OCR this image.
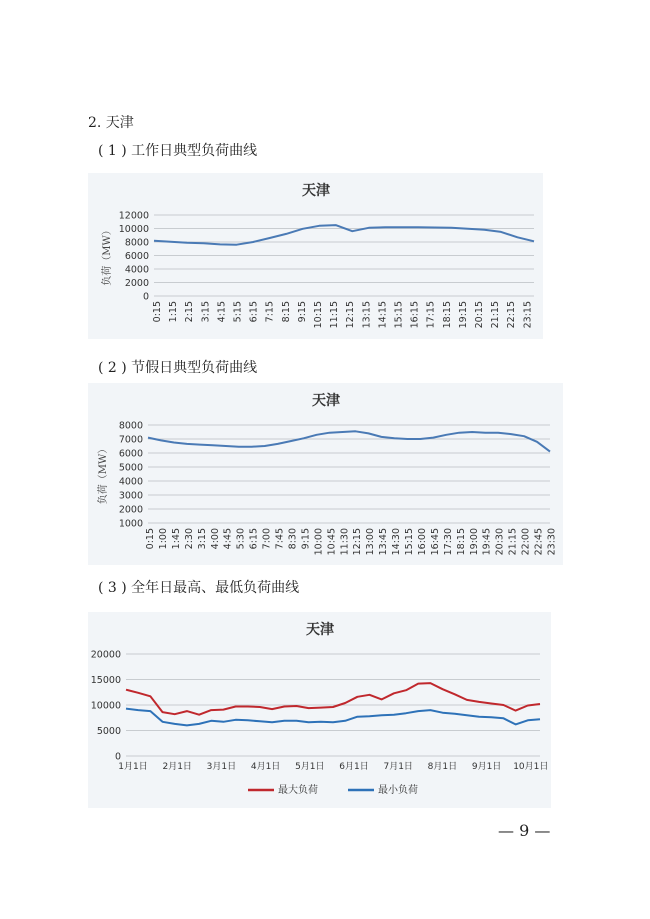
2. 天津
( 1 ) 工作日典型负荷曲线
( 2 ) 节假日典型负荷曲线
( 3 ) 全年日最高、最低负荷曲线
天津
0
2000
4000
6000
8000
10000
12000
0:15 1:15 2:15 3:15 4:15 5:15 6:15 7:15 8:15 9:15 10:15 11:15 12:15 13:15 14:15 15:15 16:15 17:15 18:15 19:15 20:15 21:15 22:15 23:15
负荷（MW）
天津
1000
2000
3000
4000
5000
6000
7000
8000
0:15 1:00 1:45 2:30 3:15 4:00 4:45 5:30 6:15 7:00 7:45 8:30 9:15 10:00 10:45 11:30 12:15 13:00 13:45 14:30 15:15 16:00 16:45 17:30 18:15 19:00 19:45 20:30 21:15 22:00 22:45 23:30
负荷（MW）
天津
0
5000
10000
15000
20000
1月1日 2月1日 3月1日 4月1日 5月1日 6月1日 7月1日 8月1日 9月1日 10月1日
最大负荷	最小负荷
— 9 —
